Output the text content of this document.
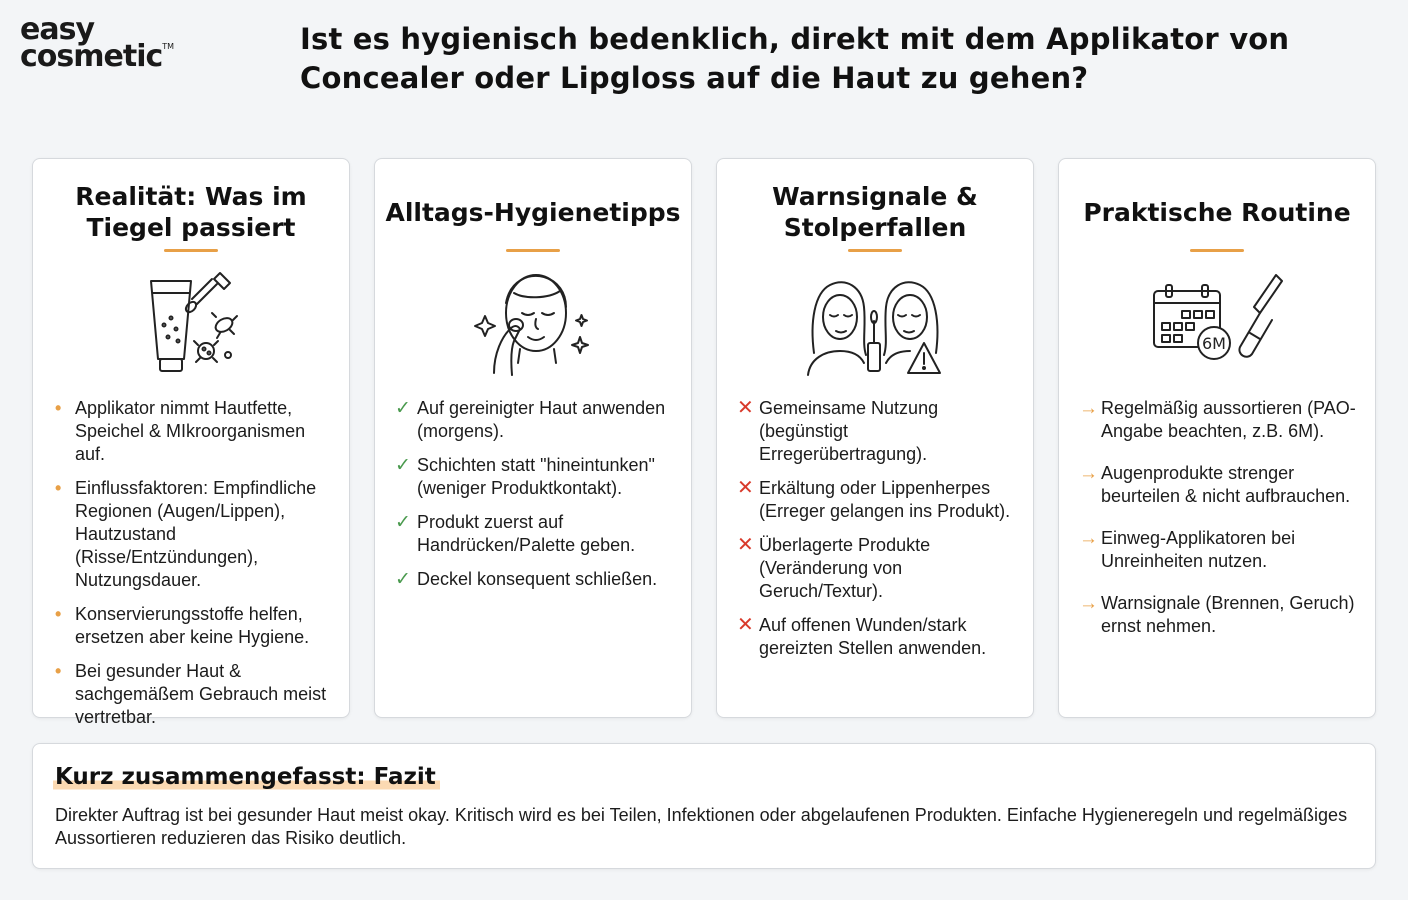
easy
cosmetic™	Ist es hygienisch bedenklich, direkt mit dem Applikator von Concealer oder Lipgloss auf die Haut zu gehen?
Realität: Was im Tiegel passiert
• Applikator nimmt Hautfette, Speichel & MIkroorganismen auf.
• Einflussfaktoren: Empfindliche Regionen (Augen/Lippen), Hautzustand (Risse/Entzündungen), Nutzungsdauer.
• Konservierungsstoffe helfen, ersetzen aber keine Hygiene.
• Bei gesunder Haut & sachgemäßem Gebrauch meist vertretbar.
Alltags-Hygienetipps
✓ Auf gereinigter Haut anwenden (morgens).
✓ Schichten statt "hineintunken" (weniger Produktkontakt).
✓ Produkt zuerst auf Handrücken/Palette geben.
✓ Deckel konsequent schließen.
Warnsignale & Stolperfallen
✕ Gemeinsame Nutzung (begünstigt Erregerübertragung).
✕ Erkältung oder Lippenherpes (Erreger gelangen ins Produkt).
✕ Überlagerte Produkte (Veränderung von Geruch/Textur).
✕ Auf offenen Wunden/stark gereizten Stellen anwenden.
Praktische Routine
6M
→ Regelmäßig aussortieren (PAO-Angabe beachten, z.B. 6M).
→ Augenprodukte strenger beurteilen & nicht aufbrauchen.
→ Einweg-Applikatoren bei Unreinheiten nutzen.
→ Warnsignale (Brennen, Geruch) ernst nehmen.
Kurz zusammengefasst: Fazit
Direkter Auftrag ist bei gesunder Haut meist okay. Kritisch wird es bei Teilen, Infektionen oder abgelaufenen Produkten. Einfache Hygieneregeln und regelmäßiges Aussortieren reduzieren das Risiko deutlich.
